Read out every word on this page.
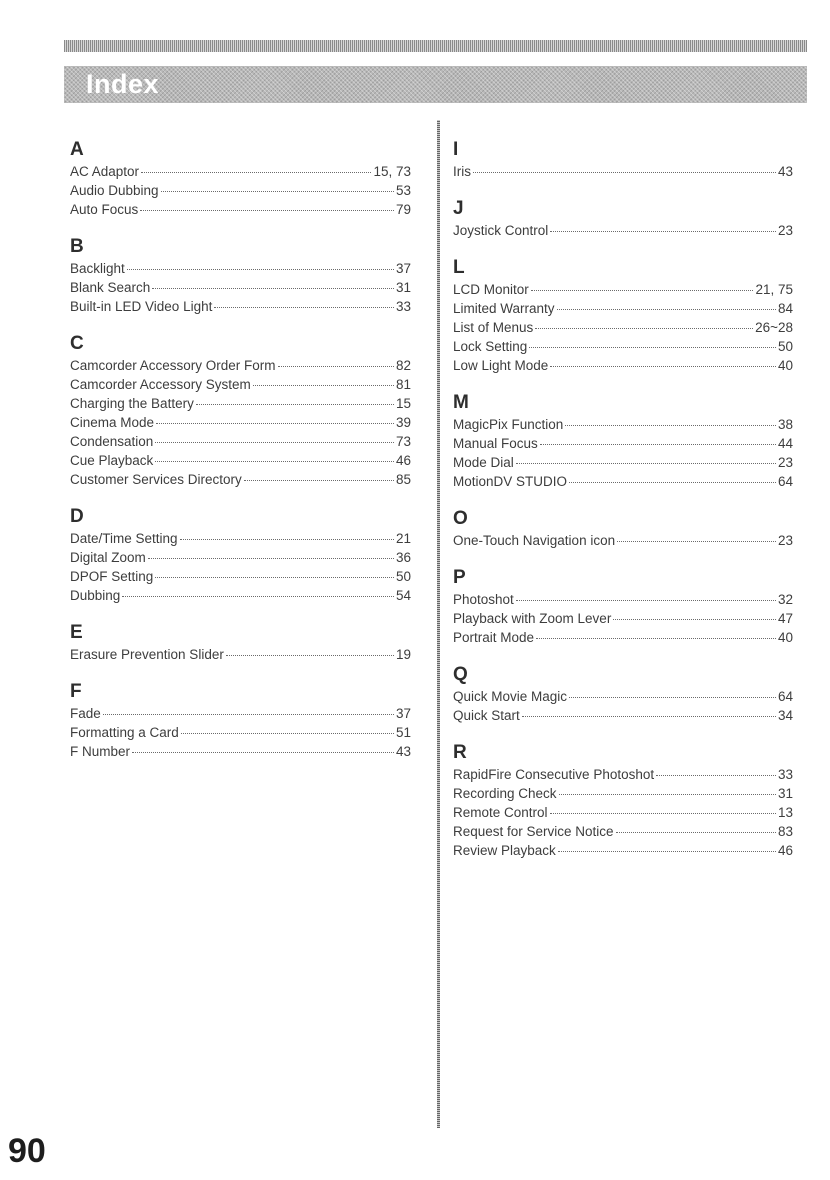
Index
A
AC Adaptor	15, 73
Audio Dubbing	53
Auto Focus	79
B
Backlight	37
Blank Search	31
Built-in LED Video Light	33
C
Camcorder Accessory Order Form	82
Camcorder Accessory System	81
Charging the Battery	15
Cinema Mode	39
Condensation	73
Cue Playback	46
Customer Services Directory	85
D
Date/Time Setting	21
Digital Zoom	36
DPOF Setting	50
Dubbing	54
E
Erasure Prevention Slider	19
F
Fade	37
Formatting a Card	51
F Number	43
I
Iris	43
J
Joystick Control	23
L
LCD Monitor	21, 75
Limited Warranty	84
List of Menus	26~28
Lock Setting	50
Low Light Mode	40
M
MagicPix Function	38
Manual Focus	44
Mode Dial	23
MotionDV STUDIO	64
O
One-Touch Navigation icon	23
P
Photoshot	32
Playback with Zoom Lever	47
Portrait Mode	40
Q
Quick Movie Magic	64
Quick Start	34
R
RapidFire Consecutive Photoshot	33
Recording Check	31
Remote Control	13
Request for Service Notice	83
Review Playback	46
90
